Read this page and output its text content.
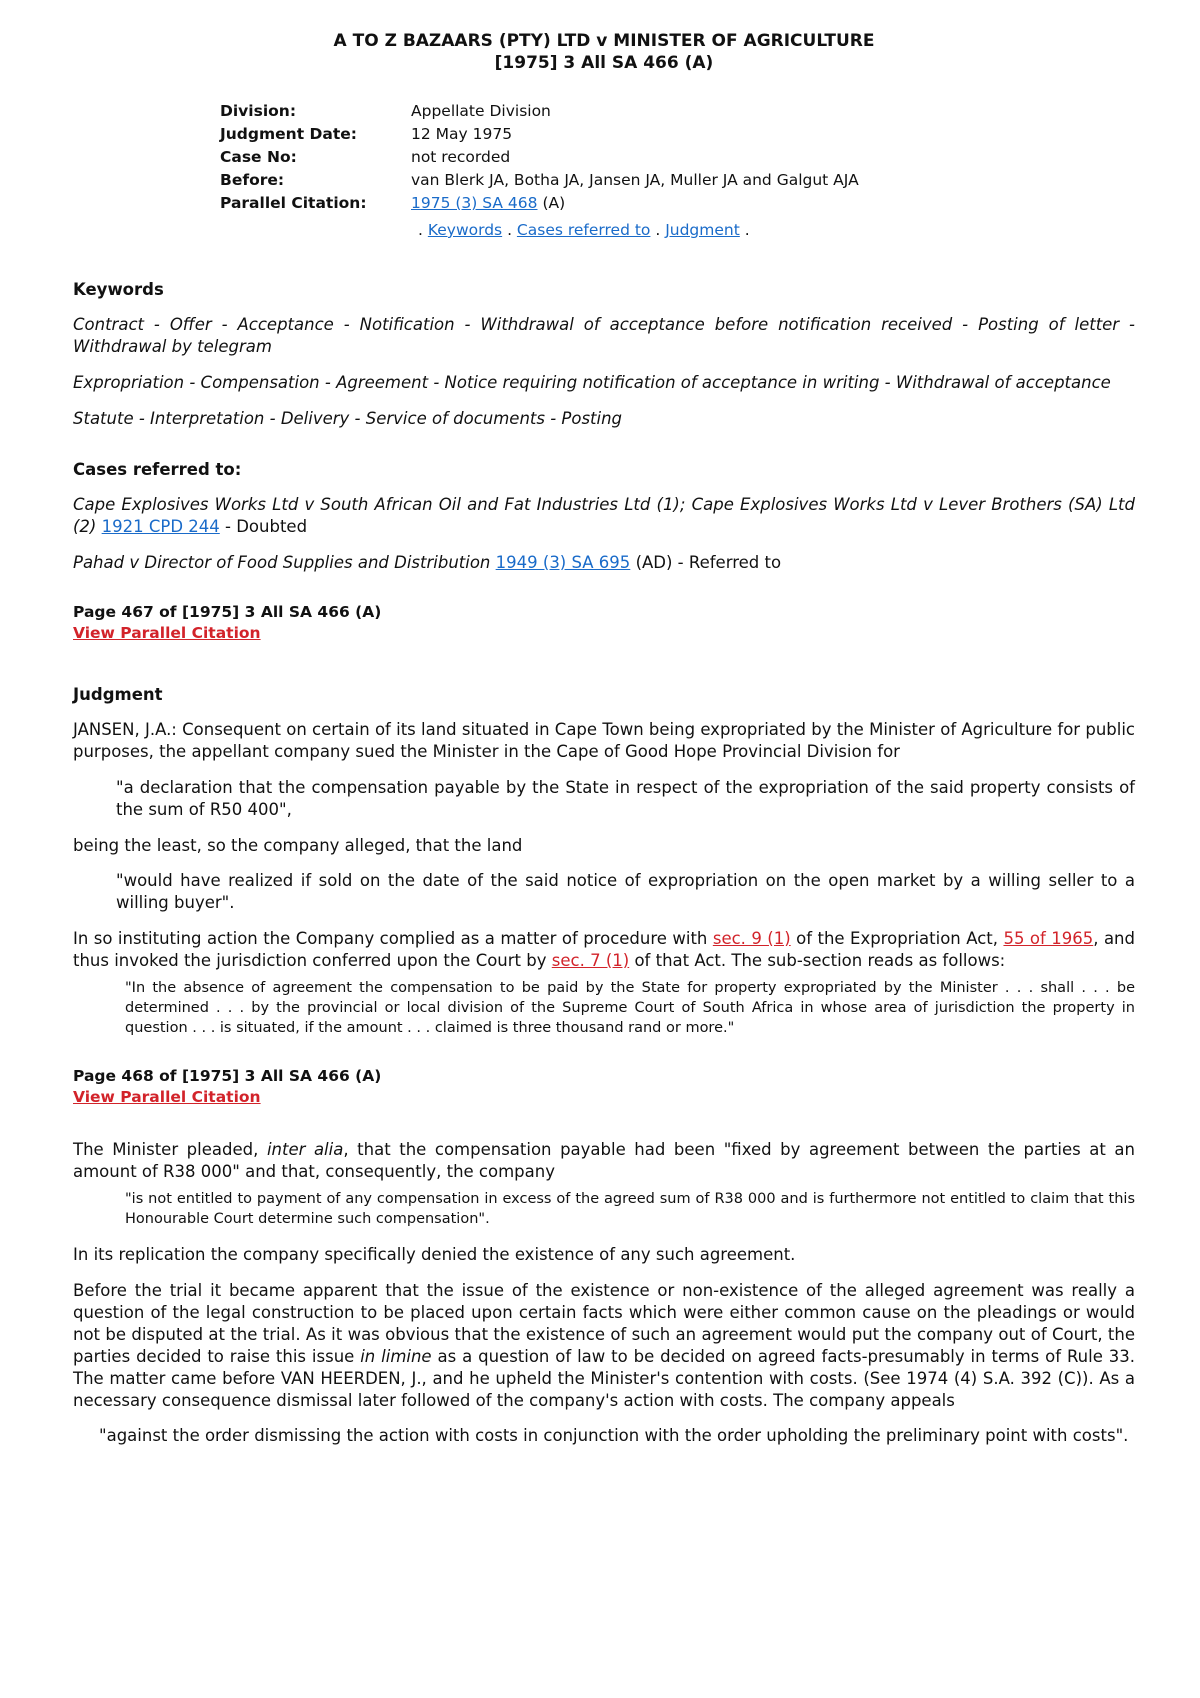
A TO Z BAZAARS (PTY) LTD v MINISTER OF AGRICULTURE

[1975] 3 All SA 466 (A)

Division:	Appellate Division
Judgment Date:	12 May 1975
Case No:	not recorded
Before:	van Blerk JA, Botha JA, Jansen JA, Muller JA and Galgut AJA
Parallel Citation:	1975 (3) SA 468 (A)
. Keywords . Cases referred to . Judgment .
Keywords

Contract - Offer - Acceptance - Notification - Withdrawal of acceptance before notification received - Posting of letter - Withdrawal by telegram

Expropriation - Compensation - Agreement - Notice requiring notification of acceptance in writing - Withdrawal of acceptance

Statute - Interpretation - Delivery - Service of documents - Posting

Cases referred to:

Cape Explosives Works Ltd v South African Oil and Fat Industries Ltd (1); Cape Explosives Works Ltd v Lever Brothers (SA) Ltd (2) 1921 CPD 244 - Doubted

Pahad v Director of Food Supplies and Distribution 1949 (3) SA 695 (AD) - Referred to

Page 467 of [1975] 3 All SA 466 (A)

View Parallel Citation
Judgment

JANSEN, J.A.: Consequent on certain of its land situated in Cape Town being expropriated by the Minister of Agriculture for public purposes, the appellant company sued the Minister in the Cape of Good Hope Provincial Division for

"a declaration that the compensation payable by the State in respect of the expropriation of the said property consists of the sum of R50 400",

being the least, so the company alleged, that the land

"would have realized if sold on the date of the said notice of expropriation on the open market by a willing seller to a willing buyer".

In so instituting action the Company complied as a matter of procedure with sec. 9 (1) of the Expropriation Act, 55 of 1965, and thus invoked the jurisdiction conferred upon the Court by sec. 7 (1) of that Act. The sub-section reads as follows:

"In the absence of agreement the compensation to be paid by the State for property expropriated by the Minister . . . shall . . . be determined . . . by the provincial or local division of the Supreme Court of South Africa in whose area of jurisdiction the property in question . . . is situated, if the amount . . . claimed is three thousand rand or more."

Page 468 of [1975] 3 All SA 466 (A)

View Parallel Citation

The Minister pleaded, inter alia, that the compensation payable had been "fixed by agreement between the parties at an amount of R38 000" and that, consequently, the company

"is not entitled to payment of any compensation in excess of the agreed sum of R38 000 and is furthermore not entitled to claim that this Honourable Court determine such compensation".

In its replication the company specifically denied the existence of any such agreement.

Before the trial it became apparent that the issue of the existence or non-existence of the alleged agreement was really a question of the legal construction to be placed upon certain facts which were either common cause on the pleadings or would not be disputed at the trial. As it was obvious that the existence of such an agreement would put the company out of Court, the parties decided to raise this issue in limine as a question of law to be decided on agreed facts-presumably in terms of Rule 33. The matter came before VAN HEERDEN, J., and he upheld the Minister's contention with costs. (See 1974 (4) S.A. 392 (C)). As a necessary consequence dismissal later followed of the company's action with costs. The company appeals

"against the order dismissing the action with costs in conjunction with the order upholding the preliminary point with costs".
